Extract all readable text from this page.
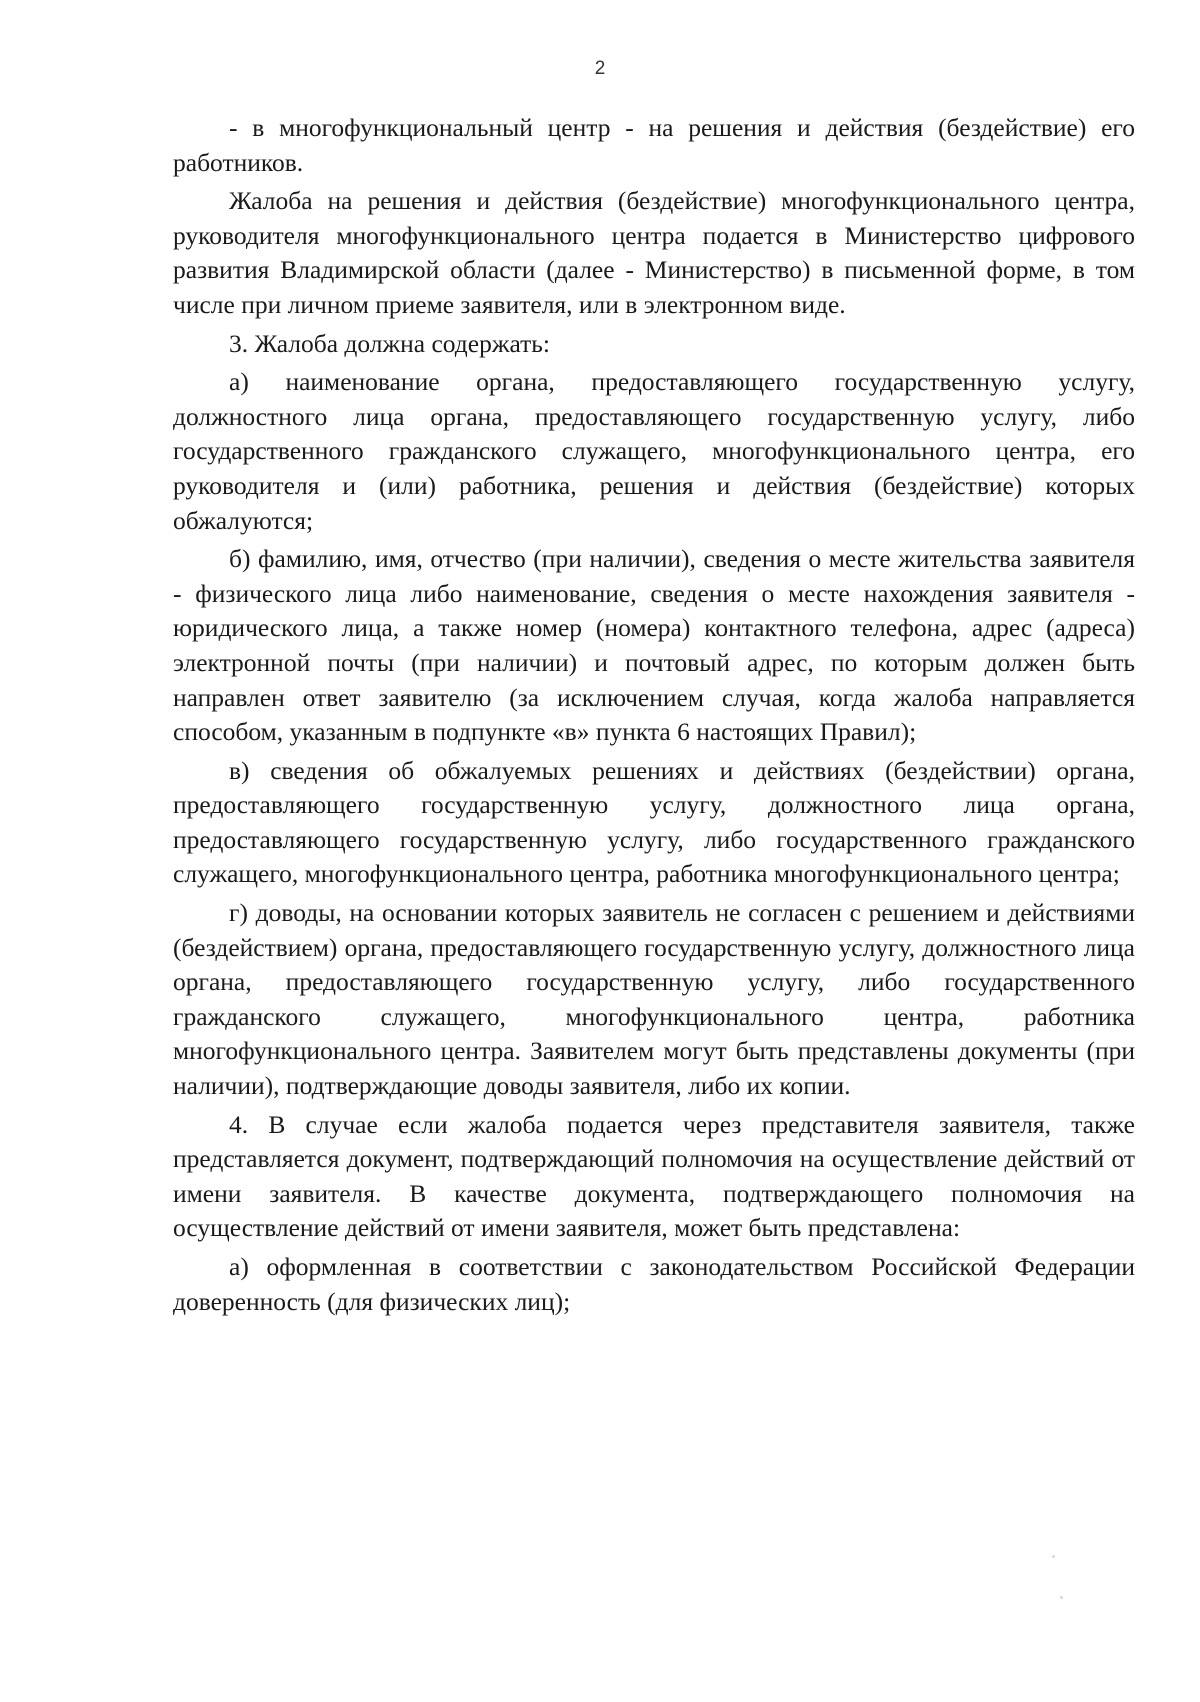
2

- в многофункциональный центр - на решения и действия (бездействие) его работников.

Жалоба на решения и действия (бездействие) многофункционального центра, руководителя многофункционального центра подается в Министерство цифрового развития Владимирской области (далее - Министерство) в письменной форме, в том числе при личном приеме заявителя, или в электронном виде.

3. Жалоба должна содержать:

а) наименование органа, предоставляющего государственную услугу, должностного лица органа, предоставляющего государственную услугу, либо государственного гражданского служащего, многофункционального центра, его руководителя и (или) работника, решения и действия (бездействие) которых обжалуются;

б) фамилию, имя, отчество (при наличии), сведения о месте жительства заявителя - физического лица либо наименование, сведения о месте нахождения заявителя - юридического лица, а также номер (номера) контактного телефона, адрес (адреса) электронной почты (при наличии) и почтовый адрес, по которым должен быть направлен ответ заявителю (за исключением случая, когда жалоба направляется способом, указанным в подпункте «в» пункта 6 настоящих Правил);

в) сведения об обжалуемых решениях и действиях (бездействии) органа, предоставляющего государственную услугу, должностного лица органа, предоставляющего государственную услугу, либо государственного гражданского служащего, многофункционального центра, работника многофункционального центра;

г) доводы, на основании которых заявитель не согласен с решением и действиями (бездействием) органа, предоставляющего государственную услугу, должностного лица органа, предоставляющего государственную услугу, либо государственного гражданского служащего, многофункционального центра, работника многофункционального центра. Заявителем могут быть представлены документы (при наличии), подтверждающие доводы заявителя, либо их копии.

4. В случае если жалоба подается через представителя заявителя, также представляется документ, подтверждающий полномочия на осуществление действий от имени заявителя. В качестве документа, подтверждающего полномочия на осуществление действий от имени заявителя, может быть представлена:

а) оформленная в соответствии с законодательством Российской Федерации доверенность (для физических лиц);
